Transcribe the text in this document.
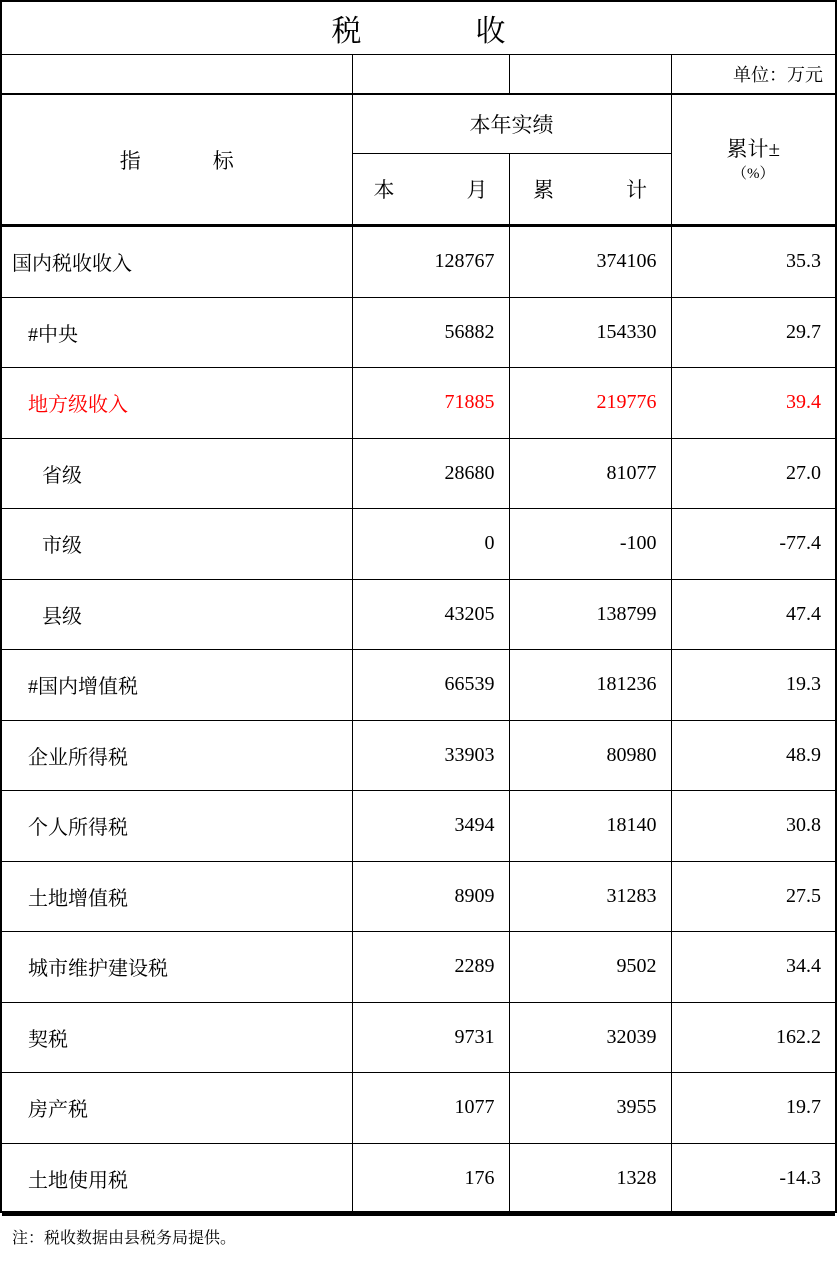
税　　收			
			单位：万元
指　　标	本年实绩		累计±
（%）

	本　　月	累　　计	
国内税收收入	128767	374106	35.3
#中央	56882	154330	29.7
地方级收入	71885	219776	39.4
省级	28680	81077	27.0
市级	0	-100	-77.4
县级	43205	138799	47.4
#国内增值税	66539	181236	19.3
企业所得税	33903	80980	48.9
个人所得税	3494	18140	30.8
土地增值税	8909	31283	27.5
城市维护建设税	2289	9502	34.4
契税	9731	32039	162.2
房产税	1077	3955	19.7
土地使用税	176	1328	-14.3
注：税收数据由县税务局提供。
